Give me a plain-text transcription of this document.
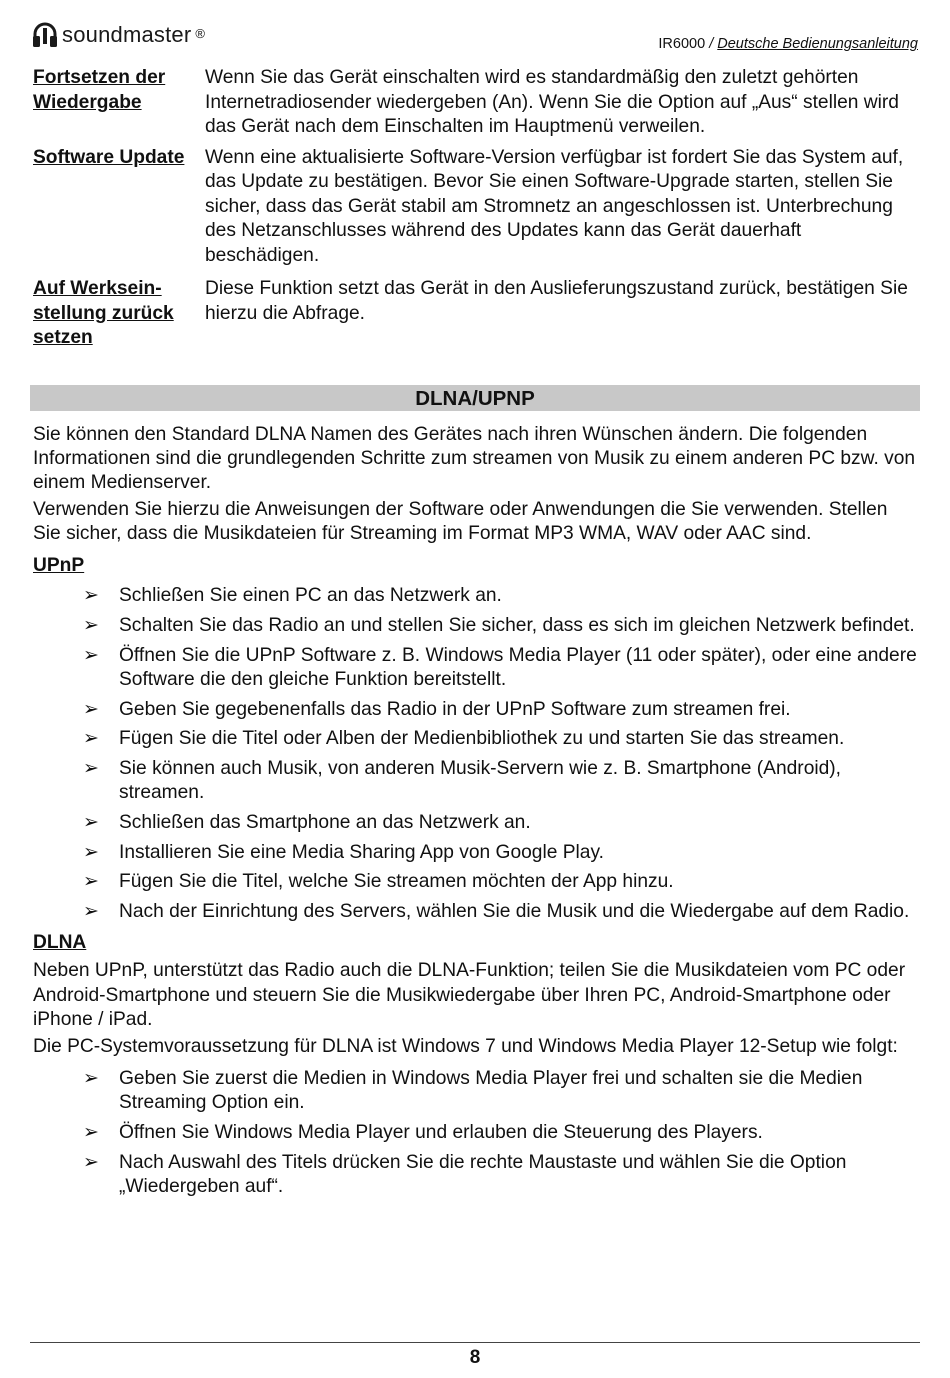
soundmaster ®
IR6000 / Deutsche Bedienungsanleitung
Fortsetzen der
Wiedergabe
Wenn Sie das Gerät einschalten wird es standardmäßig den zuletzt gehörten Internetradiosender wiedergeben (An). Wenn Sie die Option auf „Aus“ stellen wird das Gerät nach dem Einschalten im Hauptmenü verweilen.
Software Update	Wenn eine aktualisierte Software-Version verfügbar ist fordert Sie das System auf, das Update zu bestätigen. Bevor Sie einen Software-Upgrade starten, stellen Sie sicher, dass das Gerät stabil am Stromnetz an angeschlossen ist. Unterbrechung des Netzanschlusses während des Updates kann das Gerät dauerhaft beschädigen.
Auf Werksein-
stellung zurück
setzen
Diese Funktion setzt das Gerät in den Auslieferungszustand zurück, bestätigen Sie hierzu die Abfrage.
DLNA/UPNP

Sie können den Standard DLNA Namen des Gerätes nach ihren Wünschen ändern. Die folgenden Informationen sind die grundlegenden Schritte zum streamen von Musik zu einem anderen PC bzw. von einem Medienserver.

Verwenden Sie hierzu die Anweisungen der Software oder Anwendungen die Sie verwenden. Stellen Sie sicher, dass die Musikdateien für Streaming im Format MP3 WMA, WAV oder AAC sind.

UPnP

➢ Schließen Sie einen PC an das Netzwerk an.
➢ Schalten Sie das Radio an und stellen Sie sicher, dass es sich im gleichen Netzwerk befindet.
➢ Öffnen Sie die UPnP Software z. B. Windows Media Player (11 oder später), oder eine andere Software die den gleiche Funktion bereitstellt.
➢ Geben Sie gegebenenfalls das Radio in der UPnP Software zum streamen frei.
➢ Fügen Sie die Titel oder Alben der Medienbibliothek zu und starten Sie das streamen.
➢ Sie können auch Musik, von anderen Musik-Servern wie z. B. Smartphone (Android), streamen.
➢ Schließen das Smartphone an das Netzwerk an.
➢ Installieren Sie eine Media Sharing App von Google Play.
➢ Fügen Sie die Titel, welche Sie streamen möchten der App hinzu.
➢ Nach der Einrichtung des Servers, wählen Sie die Musik und die Wiedergabe auf dem Radio.

DLNA

Neben UPnP, unterstützt das Radio auch die DLNA-Funktion; teilen Sie die Musikdateien vom PC oder Android-Smartphone und steuern Sie die Musikwiedergabe über Ihren PC, Android-Smartphone oder iPhone / iPad.

Die PC-Systemvoraussetzung für DLNA ist Windows 7 und Windows Media Player 12-Setup wie folgt:

➢ Geben Sie zuerst die Medien in Windows Media Player frei und schalten sie die Medien Streaming Option ein.
➢ Öffnen Sie Windows Media Player und erlauben die Steuerung des Players.
➢ Nach Auswahl des Titels drücken Sie die rechte Maustaste und wählen Sie die Option „Wiedergeben auf“.
8
